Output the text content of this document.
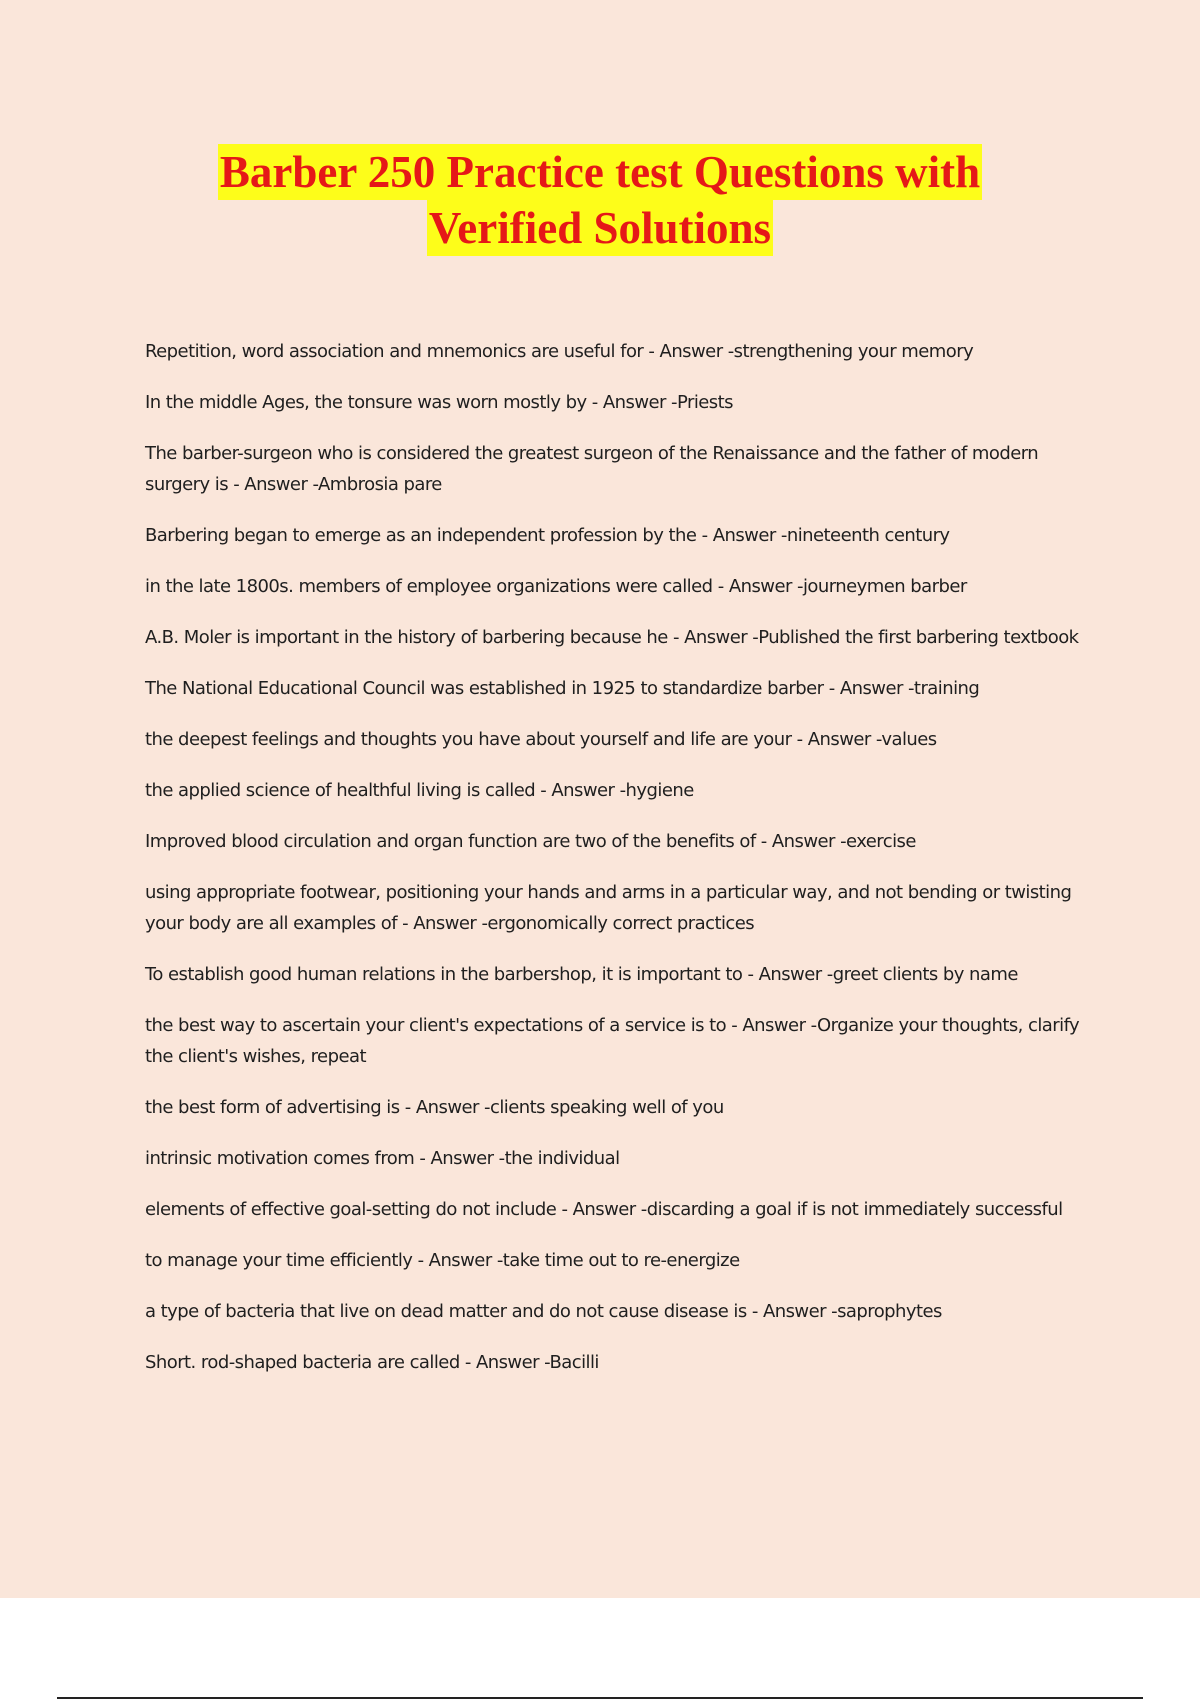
Barber 250 Practice test Questions with
Verified Solutions
Repetition, word association and mnemonics are useful for - Answer -strengthening your memory
In the middle Ages, the tonsure was worn mostly by - Answer -Priests
The barber-surgeon who is considered the greatest surgeon of the Renaissance and the father of modern surgery is - Answer -Ambrosia pare
Barbering began to emerge as an independent profession by the - Answer -nineteenth century
in the late 1800s. members of employee organizations were called - Answer -journeymen barber
A.B. Moler is important in the history of barbering because he - Answer -Published the first barbering textbook
The National Educational Council was established in 1925 to standardize barber - Answer -training
the deepest feelings and thoughts you have about yourself and life are your - Answer -values
the applied science of healthful living is called - Answer -hygiene
Improved blood circulation and organ function are two of the benefits of - Answer -exercise
using appropriate footwear, positioning your hands and arms in a particular way, and not bending or twisting your body are all examples of - Answer -ergonomically correct practices
To establish good human relations in the barbershop, it is important to - Answer -greet clients by name
the best way to ascertain your client's expectations of a service is to - Answer -Organize your thoughts, clarify the client's wishes, repeat
the best form of advertising is - Answer -clients speaking well of you
intrinsic motivation comes from - Answer -the individual
elements of effective goal-setting do not include - Answer -discarding a goal if is not immediately successful
to manage your time efficiently - Answer -take time out to re-energize
a type of bacteria that live on dead matter and do not cause disease is - Answer -saprophytes
Short. rod-shaped bacteria are called - Answer -Bacilli
